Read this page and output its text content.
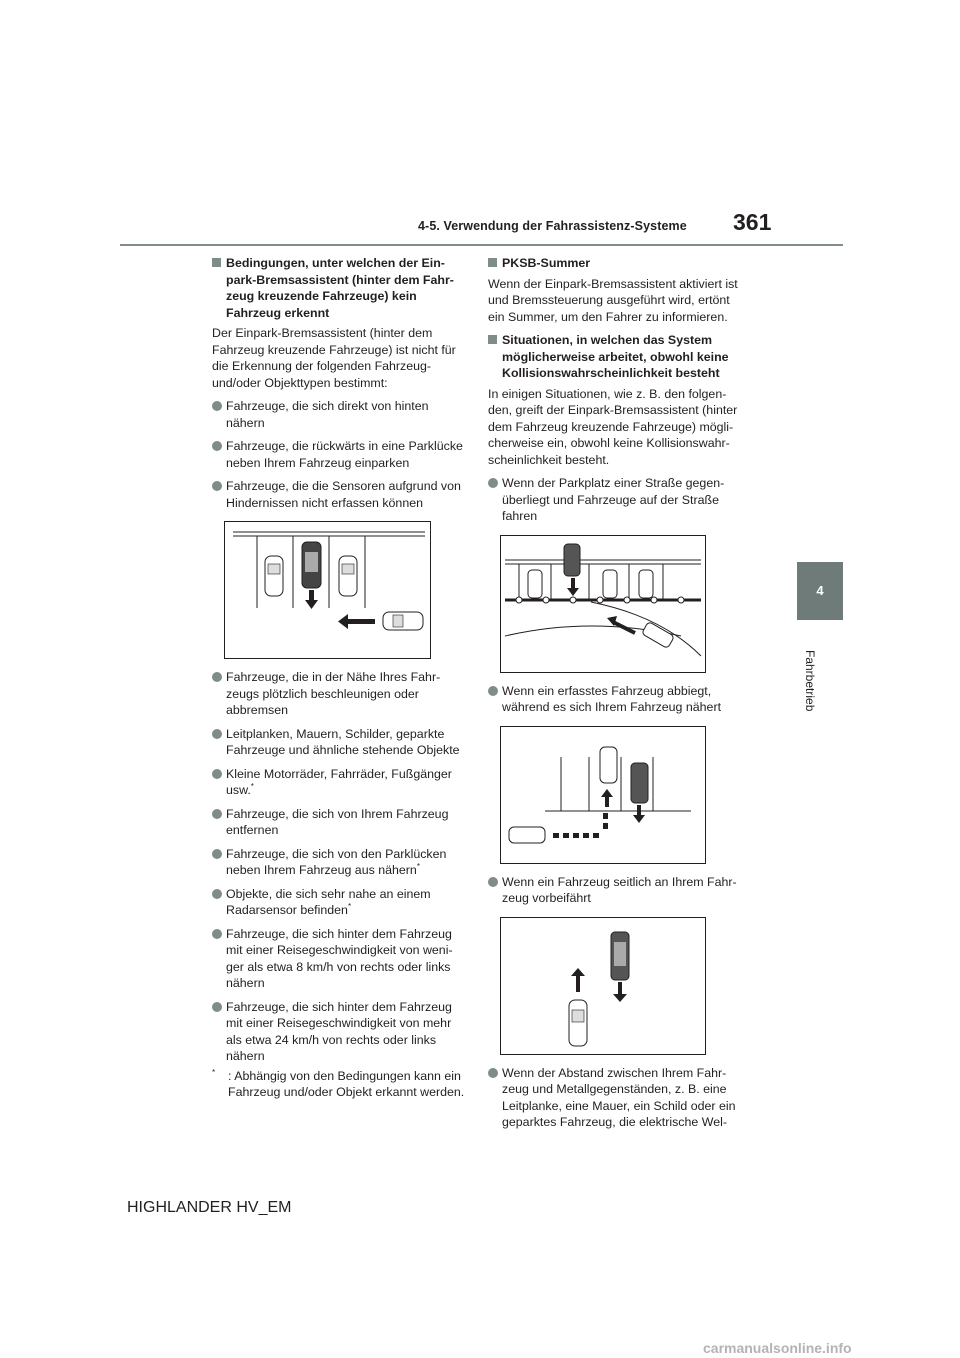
4-5. Verwendung der Fahrassistenz-Systeme 361
4
Fahrbetrieb
Bedingungen, unter welchen der Ein-park-Bremsassistent (hinter dem Fahr-zeug kreuzende Fahrzeuge) kein Fahrzeug erkennt

Der Einpark-Bremsassistent (hinter dem Fahrzeug kreuzende Fahrzeuge) ist nicht für die Erkennung der folgenden Fahrzeug- und/oder Objekttypen bestimmt:

Fahrzeuge, die sich direkt von hinten nähern
Fahrzeuge, die rückwärts in eine Parklücke neben Ihrem Fahrzeug einparken
Fahrzeuge, die die Sensoren aufgrund von Hindernissen nicht erfassen können
Fahrzeuge, die in der Nähe Ihres Fahr-zeugs plötzlich beschleunigen oder abbremsen
Leitplanken, Mauern, Schilder, geparkte Fahrzeuge und ähnliche stehende Objekte
Kleine Motorräder, Fahrräder, Fußgänger usw.*
Fahrzeuge, die sich von Ihrem Fahrzeug entfernen
Fahrzeuge, die sich von den Parklücken neben Ihrem Fahrzeug aus nähern*
Objekte, die sich sehr nahe an einem Radarsensor befinden*
Fahrzeuge, die sich hinter dem Fahrzeug mit einer Reisegeschwindigkeit von weni-ger als etwa 8 km/h von rechts oder links nähern
Fahrzeuge, die sich hinter dem Fahrzeug mit einer Reisegeschwindigkeit von mehr als etwa 24 km/h von rechts oder links nähern
* : Abhängig von den Bedingungen kann ein Fahrzeug und/oder Objekt erkannt werden.
PKSB-Summer

Wenn der Einpark-Bremsassistent aktiviert ist und Bremssteuerung ausgeführt wird, ertönt ein Summer, um den Fahrer zu informieren.

Situationen, in welchen das System möglicherweise arbeitet, obwohl keine Kollisionswahrscheinlichkeit besteht

In einigen Situationen, wie z. B. den folgen-den, greift der Einpark-Bremsassistent (hinter dem Fahrzeug kreuzende Fahrzeuge) mögli-cherweise ein, obwohl keine Kollisionswahr-scheinlichkeit besteht.

Wenn der Parkplatz einer Straße gegen-überliegt und Fahrzeuge auf der Straße fahren
Wenn ein erfasstes Fahrzeug abbiegt, während es sich Ihrem Fahrzeug nähert
Wenn ein Fahrzeug seitlich an Ihrem Fahr-zeug vorbeifährt
Wenn der Abstand zwischen Ihrem Fahr-zeug und Metallgegenständen, z. B. eine Leitplanke, eine Mauer, ein Schild oder ein geparktes Fahrzeug, die elektrische Wel-
HIGHLANDER HV_EM
carmanualsonline.info
